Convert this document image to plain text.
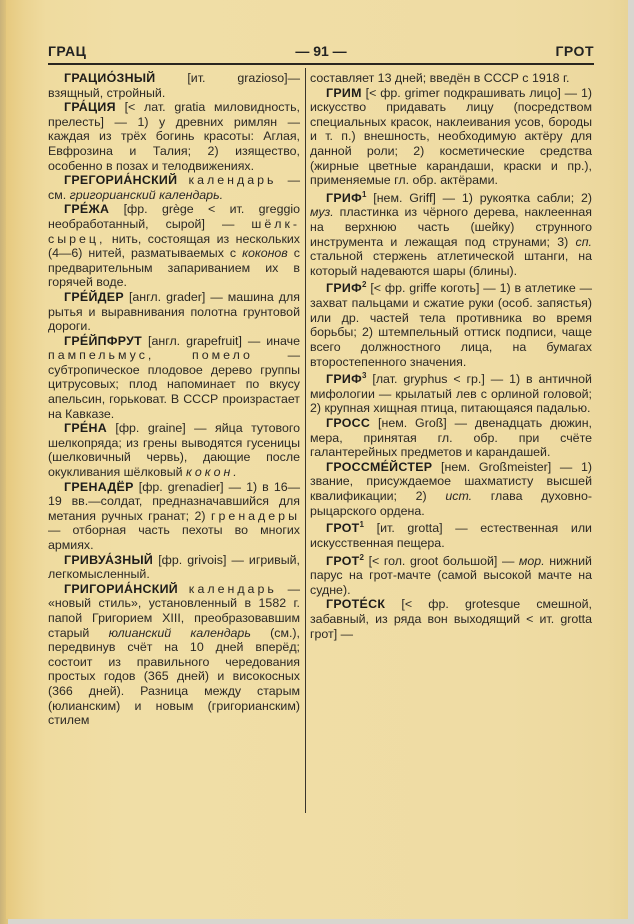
ГРАЦ	— 91 —	ГРОТ

ГРАЦИО́ЗНЫЙ	[ит. grazioso]— взящный, стройный.

ГРА́ЦИЯ [< лат. gratia миловидность, прелесть] — 1) у древних римлян — каждая из трёх богинь красоты: Аглая, Евфрозина и Талия; 2) изящество, особенно в позах и телодвижениях.

ГРЕГОРИА́НСКИЙ календарь — см. григорианский календарь.

ГРЕ́ЖА [фр. grège < ит. greggio необработанный, сырой] — шёлк-сырец, нить, состоящая из нескольких (4—6) нитей, разматываемых с коконов с предварительным запариванием их в горячей воде.

ГРЕ́ЙДЕР [англ. grader] — машина для рытья и выравнивания полотна грунтовой дороги.

ГРЕ́ЙПФРУТ [англ. grapefruit] — иначе пампельмус, помело	— субтропическое плодовое дерево группы цитрусовых; плод напоминает по вкусу апельсин, горьковат. В СССР произрастает на Кавказе.

ГРЕ́НА [фр. graine] — яйца тутового шелкопряда; из грены выводятся гусеницы (шелковичный червь), дающие после окукливания шёлковый кокон.

ГРЕНАДЁР [фр. grenadier] — 1) в 16—19 вв.—солдат, предназначавшийся для метания ручных гранат; 2) гренадеры — отборная часть пехоты во многих армиях.

ГРИВУА́ЗНЫЙ [фр. grivois] — игривый, легкомысленный.

ГРИГОРИА́НСКИЙ календарь — «новый стиль», установленный в 1582 г. папой Григорием XIII, преобразовавшим старый юлианский календарь (см.), передвинув счёт на 10 дней вперёд; состоит из правильного чередования простых годов (365 дней) и високосных (366 дней). Разница между старым (юлианским) и новым (григорианским) стилем

составляет 13 дней; введён в СССР с 1918 г.

ГРИМ [< фр. grimer подкрашивать лицо] — 1) искусство придавать лицу (посредством специальных красок, наклеивания усов, бороды и т. п.) внешность, необходимую актёру для данной роли; 2) косметические средства (жирные цветные карандаши, краски и пр.), применяемые гл. обр. актёрами.

ГРИФ$^1$ [нем. Griff] — 1) рукоятка сабли; 2) муз. пластинка из чёрного дерева, наклеенная на верхнюю часть (шейку) струнного инструмента и лежащая под струнами; 3) сп. стальной стержень атлетической штанги, на который надеваются шары (блины).

ГРИФ$^2$ [< фр. griffe коготь] — 1) в атлетике — захват пальцами и сжатие руки (особ. запястья) или др. частей тела противника во время борьбы; 2) штемпельный оттиск подписи, чаще всего должностного лица, на бумагах второстепенного значения.

ГРИФ$^3$ [лат. gryphus < гр.] — 1) в античной мифологии — крылатый лев с орлиной головой; 2) крупная хищная птица, питающаяся падалью.

ГРОСС [нем. Groß] — двенадцать дюжин, мера, принятая гл. обр. при счёте галантерейных предметов и карандашей.

ГРОССМЕ́ЙСТЕР [нем. Großmeister] — 1) звание, присуждаемое шахматисту высшей квалификации; 2) ист. глава духовно-рыцарского ордена.

ГРОТ$^1$ [ит. grotta] — естественная или искусственная пещера.

ГРОТ$^2$ [< гол. groot большой] — мор. нижний парус на грот-мачте (самой высокой мачте на судне).

ГРОТЕ́СК [< фр. grotesque смешной, забавный, из ряда вон выходящий < ит. grotta грот] —
